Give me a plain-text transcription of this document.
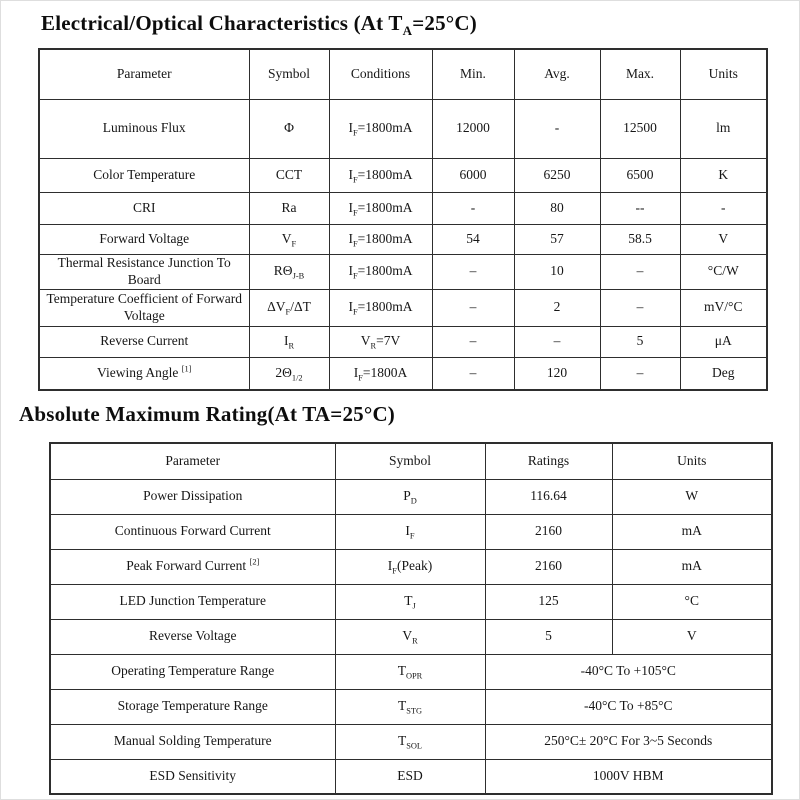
Electrical/Optical Characteristics (At $T_A=25^\circ C$)
Parameter	Symbol	Conditions	Min.	Avg.	Max.	Units
Luminous Flux	Φ	$I_F=1800mA$	12000	-	12500	lm
Color Temperature	CCT	$I_F=1800mA$	6000	6250	6500	K
CRI	Ra	$I_F=1800mA$	-	80	--	-
Forward Voltage	$V_F$	$I_F=1800mA$	54	57	58.5	V
Thermal Resistance Junction To Board	$R\Theta_{J-B}$	$I_F=1800mA$	–	10	–	°C/W
Temperature Coefficient of Forward Voltage	$\Delta V_F/\Delta T$	$I_F=1800mA$	–	2	–	mV/°C
Reverse Current	$I_R$	$V_R=7V$	–	–	5	μA
Viewing Angle [1]	$2\Theta_{1/2}$	$I_F=1800A$	–	120	–	Deg
Absolute Maximum Rating(At TA=25°C)
Parameter	Symbol	Ratings	Units
Power Dissipation	$P_D$	116.64	W
Continuous Forward Current	$I_F$	2160	mA
Peak Forward Current [2]	$I_F(Peak)$	2160	mA
LED Junction Temperature	$T_J$	125	°C
Reverse Voltage	$V_R$	5	V
Operating Temperature Range	$T_{OPR}$	-40°C To +105°C	
Storage Temperature Range	$T_{STG}$	-40°C To +85°C	
Manual Solding Temperature	$T_{SOL}$	250°C± 20°C For 3~5 Seconds	
ESD Sensitivity	ESD	1000V HBM	
